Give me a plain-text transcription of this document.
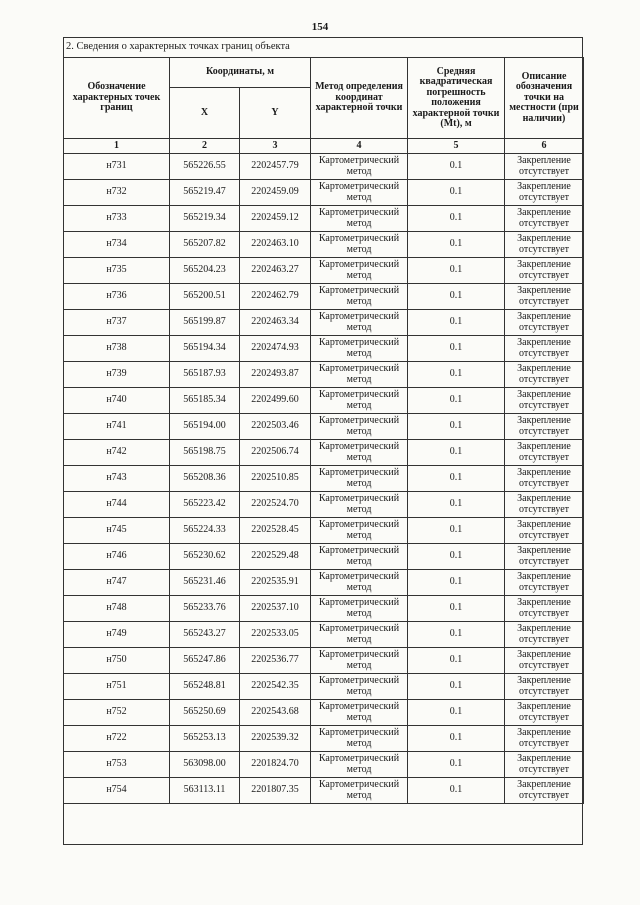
154
2. Сведения о характерных точках границ объекта
Обозначение характерных точек границ	Координаты, м		Метод определения координат характерной точки	Средняя квадратическая погрешность положения характерной точки (Mt), м	Описание обозначения точки на местности (при наличии)
	X	Y			
1	2	3	4	5	6
н731	565226.55	2202457.79	Картометрический метод	0.1	Закрепление отсутствует
н732	565219.47	2202459.09	Картометрический метод	0.1	Закрепление отсутствует
н733	565219.34	2202459.12	Картометрический метод	0.1	Закрепление отсутствует
н734	565207.82	2202463.10	Картометрический метод	0.1	Закрепление отсутствует
н735	565204.23	2202463.27	Картометрический метод	0.1	Закрепление отсутствует
н736	565200.51	2202462.79	Картометрический метод	0.1	Закрепление отсутствует
н737	565199.87	2202463.34	Картометрический метод	0.1	Закрепление отсутствует
н738	565194.34	2202474.93	Картометрический метод	0.1	Закрепление отсутствует
н739	565187.93	2202493.87	Картометрический метод	0.1	Закрепление отсутствует
н740	565185.34	2202499.60	Картометрический метод	0.1	Закрепление отсутствует
н741	565194.00	2202503.46	Картометрический метод	0.1	Закрепление отсутствует
н742	565198.75	2202506.74	Картометрический метод	0.1	Закрепление отсутствует
н743	565208.36	2202510.85	Картометрический метод	0.1	Закрепление отсутствует
н744	565223.42	2202524.70	Картометрический метод	0.1	Закрепление отсутствует
н745	565224.33	2202528.45	Картометрический метод	0.1	Закрепление отсутствует
н746	565230.62	2202529.48	Картометрический метод	0.1	Закрепление отсутствует
н747	565231.46	2202535.91	Картометрический метод	0.1	Закрепление отсутствует
н748	565233.76	2202537.10	Картометрический метод	0.1	Закрепление отсутствует
н749	565243.27	2202533.05	Картометрический метод	0.1	Закрепление отсутствует
н750	565247.86	2202536.77	Картометрический метод	0.1	Закрепление отсутствует
н751	565248.81	2202542.35	Картометрический метод	0.1	Закрепление отсутствует
н752	565250.69	2202543.68	Картометрический метод	0.1	Закрепление отсутствует
н722	565253.13	2202539.32	Картометрический метод	0.1	Закрепление отсутствует
н753	563098.00	2201824.70	Картометрический метод	0.1	Закрепление отсутствует
н754	563113.11	2201807.35	Картометрический метод	0.1	Закрепление отсутствует
